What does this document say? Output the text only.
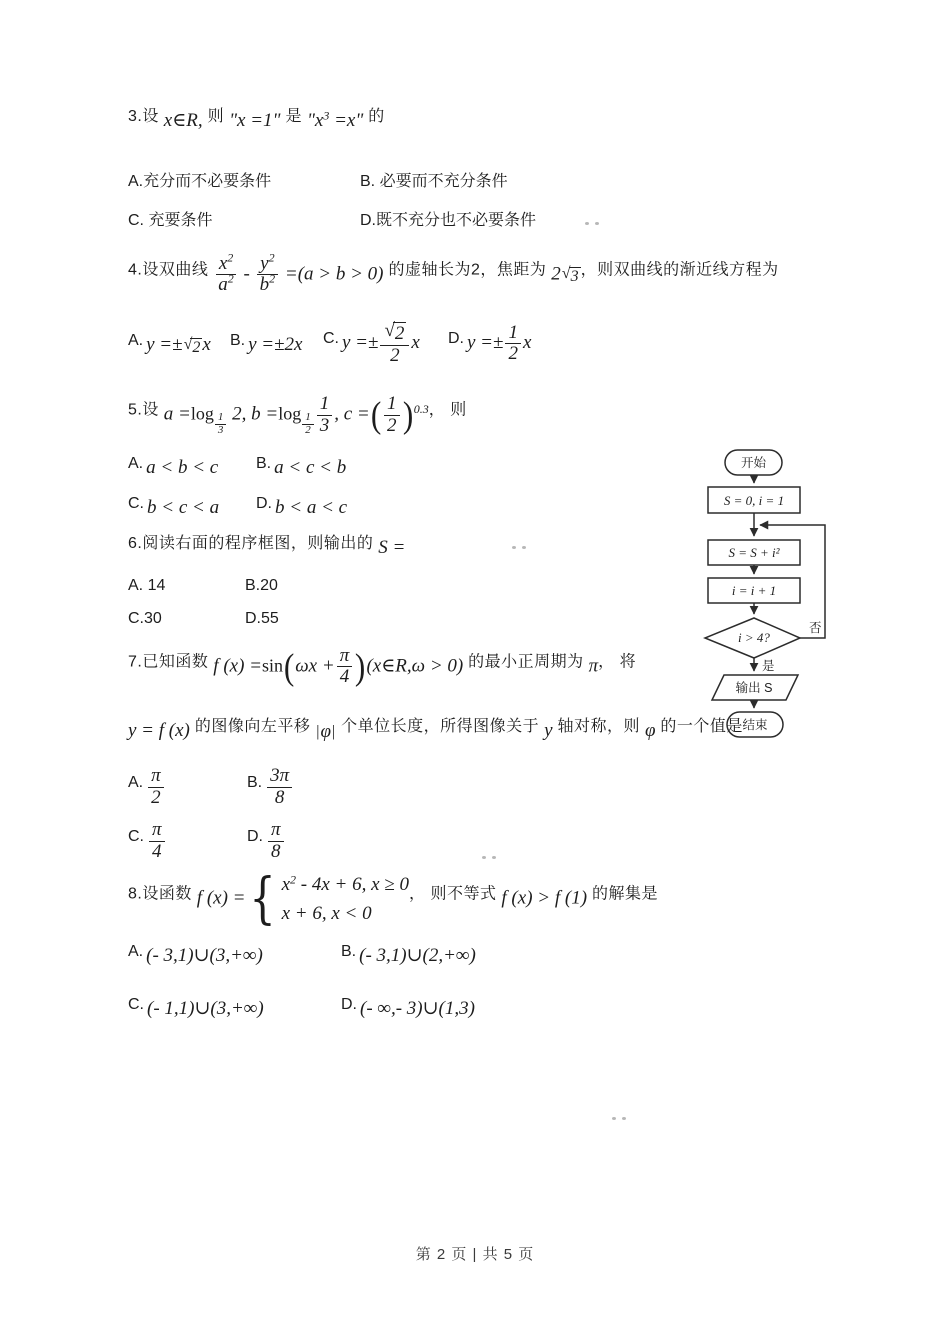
3.设 x∈R, 则 "x =1" 是 "$x^3 =x$" 的

A.充分而不必要条件	B. 必要而不充分条件
C. 充要条件	D.既不充分也不必要条件

4.设双曲线 $\frac{x^2}{a^2} - \frac{y^2}{b^2} =(a > b > 0)$ 的虚轴长为2，焦距为 2 √ 3 ，则双曲线的渐近线方程为

A. y =± √ 2 x	B. y =±2x	C. $y =\pm \frac{√ 2}{2}$ x	D. $y =\pm \frac{1}{2}$ x

5.设 a =log $_{\frac{1}{3}}$ 2, b =log $_{\frac{1}{2}} \frac{1}{3}$ , c = ( $\frac{1}{2}$ ) $^{0.3}$， 则

A. a < b < c	B. a < c < b
C. b < c < a	D. b < a < c

6.阅读右面的程序框图，则输出的 S =

A. 14	B.20
C.30	D.55

7.已知函数 f (x) =sin ( $\omega x + \frac{\pi}{4}$ ) (x∈R,ω > 0) 的最小正周期为 π， 将

y = f (x) 的图像向左平移 | φ | 个单位长度，所得图像关于 y 轴对称，则 φ 的一个值是

A. $\frac{\pi}{2}$	B. $\frac{3\pi}{8}$
C. $\frac{\pi}{4}$	D. $\frac{\pi}{8}$

8.设函数 f (x) = { $x^2 - 4x + 6$, x ≥ 0
x + 6, x < 0
， 则不等式 f (x) > f (1) 的解集是

A. (- 3,1)∪(3,+∞)	B. (- 3,1)∪(2,+∞)
C. (- 1,1)∪(3,+∞)	D. (- ∞,- 3)∪(1,3)
开始
S = 0, i = 1
S = S + i²
i = i + 1
i > 4?
否
是
输出 S
结束
第 2 页 | 共 5 页
